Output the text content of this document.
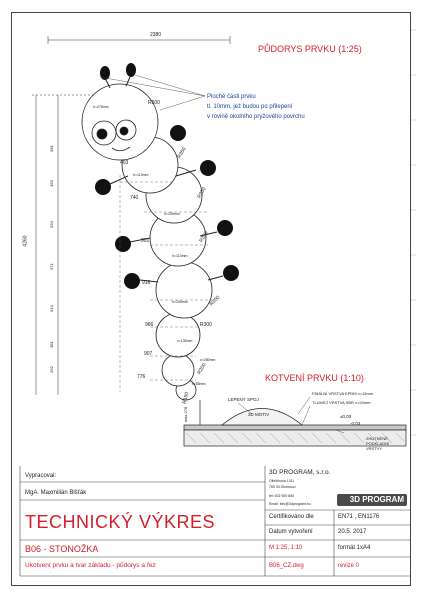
2380
4260
PŮDORYS PRVKU (1:25)
Ploché části prvku
tl. 10mm, jež budou po přilepení
v rovině okolního pryžového povrchu
581
450
534
571
510
381
262
403
740
901
916
966
907
776
R500
R350
R350
R350
R350
R300
R200
R150
h=278mm
h=113mm
h=206mm
h=113mm
h=206mm
v=135mm
v=280mm
v=88mm
KOTVENÍ PRVKU (1:10)
LEPENÝ SPOJ
3D MOTIV
FINÁLNÍ VRSTVA EPDM v=15mm
TLUMÍCÍ VRSTVA SBR v=20mm
±0,00
-0,03
ZHUTNĚNÉ PODKLADNÍ VRSTVY
max 278
Vypracoval:
MgA. Maxmilián Blšťák
TECHNICKÝ VÝKRES
B06 - STONOŽKA
Ukotvení prvku a tvar základu - půdorys a řez
3D PROGRAM, s.r.o.
Olbřichova 1311
769 33 Olomoucí
tel: 602 500 840
Email: info@3dprogram.eu	3D PROGRAM
Certifikováno dle	EN71 , EN1176
Datum vytvoření	20.5. 2017
M 1:25, 1:10	formát 1xA4
B06_CZ.dwg	revize 0
